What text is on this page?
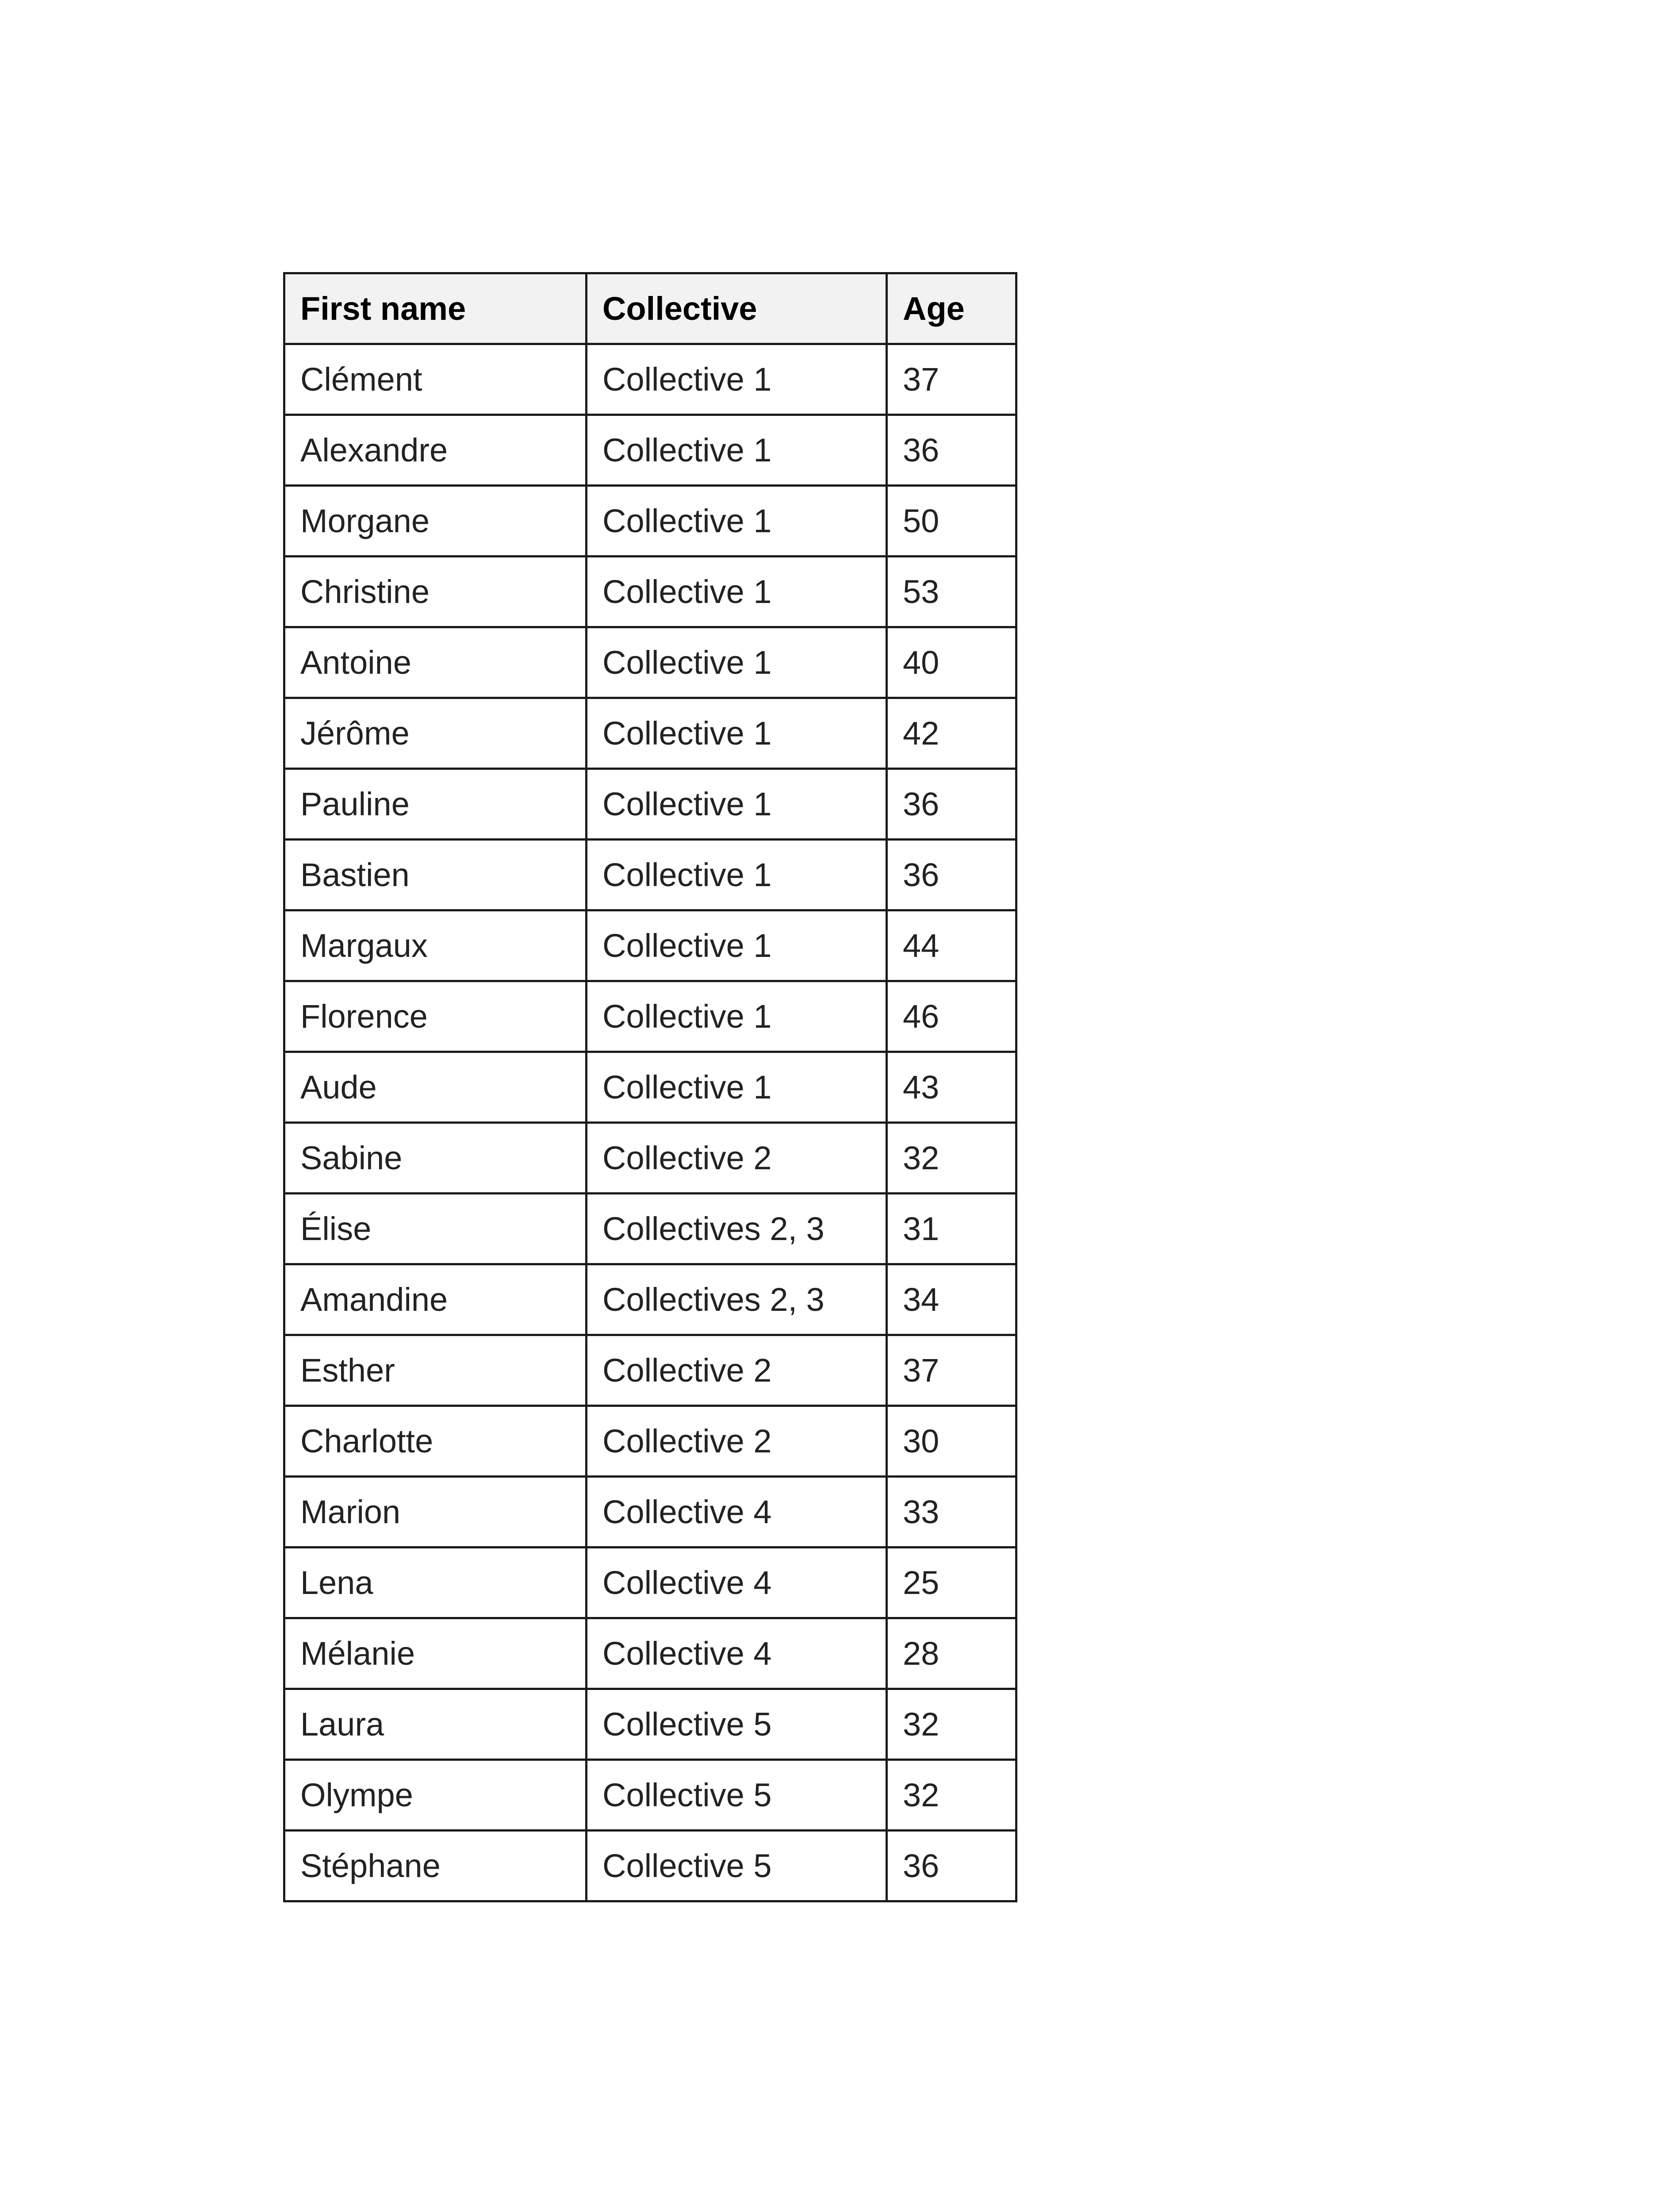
First name	Collective	Age
Clément	Collective 1	37
Alexandre	Collective 1	36
Morgane	Collective 1	50
Christine	Collective 1	53
Antoine	Collective 1	40
Jérôme	Collective 1	42
Pauline	Collective 1	36
Bastien	Collective 1	36
Margaux	Collective 1	44
Florence	Collective 1	46
Aude	Collective 1	43
Sabine	Collective 2	32
Élise	Collectives 2, 3	31
Amandine	Collectives 2, 3	34
Esther	Collective 2	37
Charlotte	Collective 2	30
Marion	Collective 4	33
Lena	Collective 4	25
Mélanie	Collective 4	28
Laura	Collective 5	32
Olympe	Collective 5	32
Stéphane	Collective 5	36
